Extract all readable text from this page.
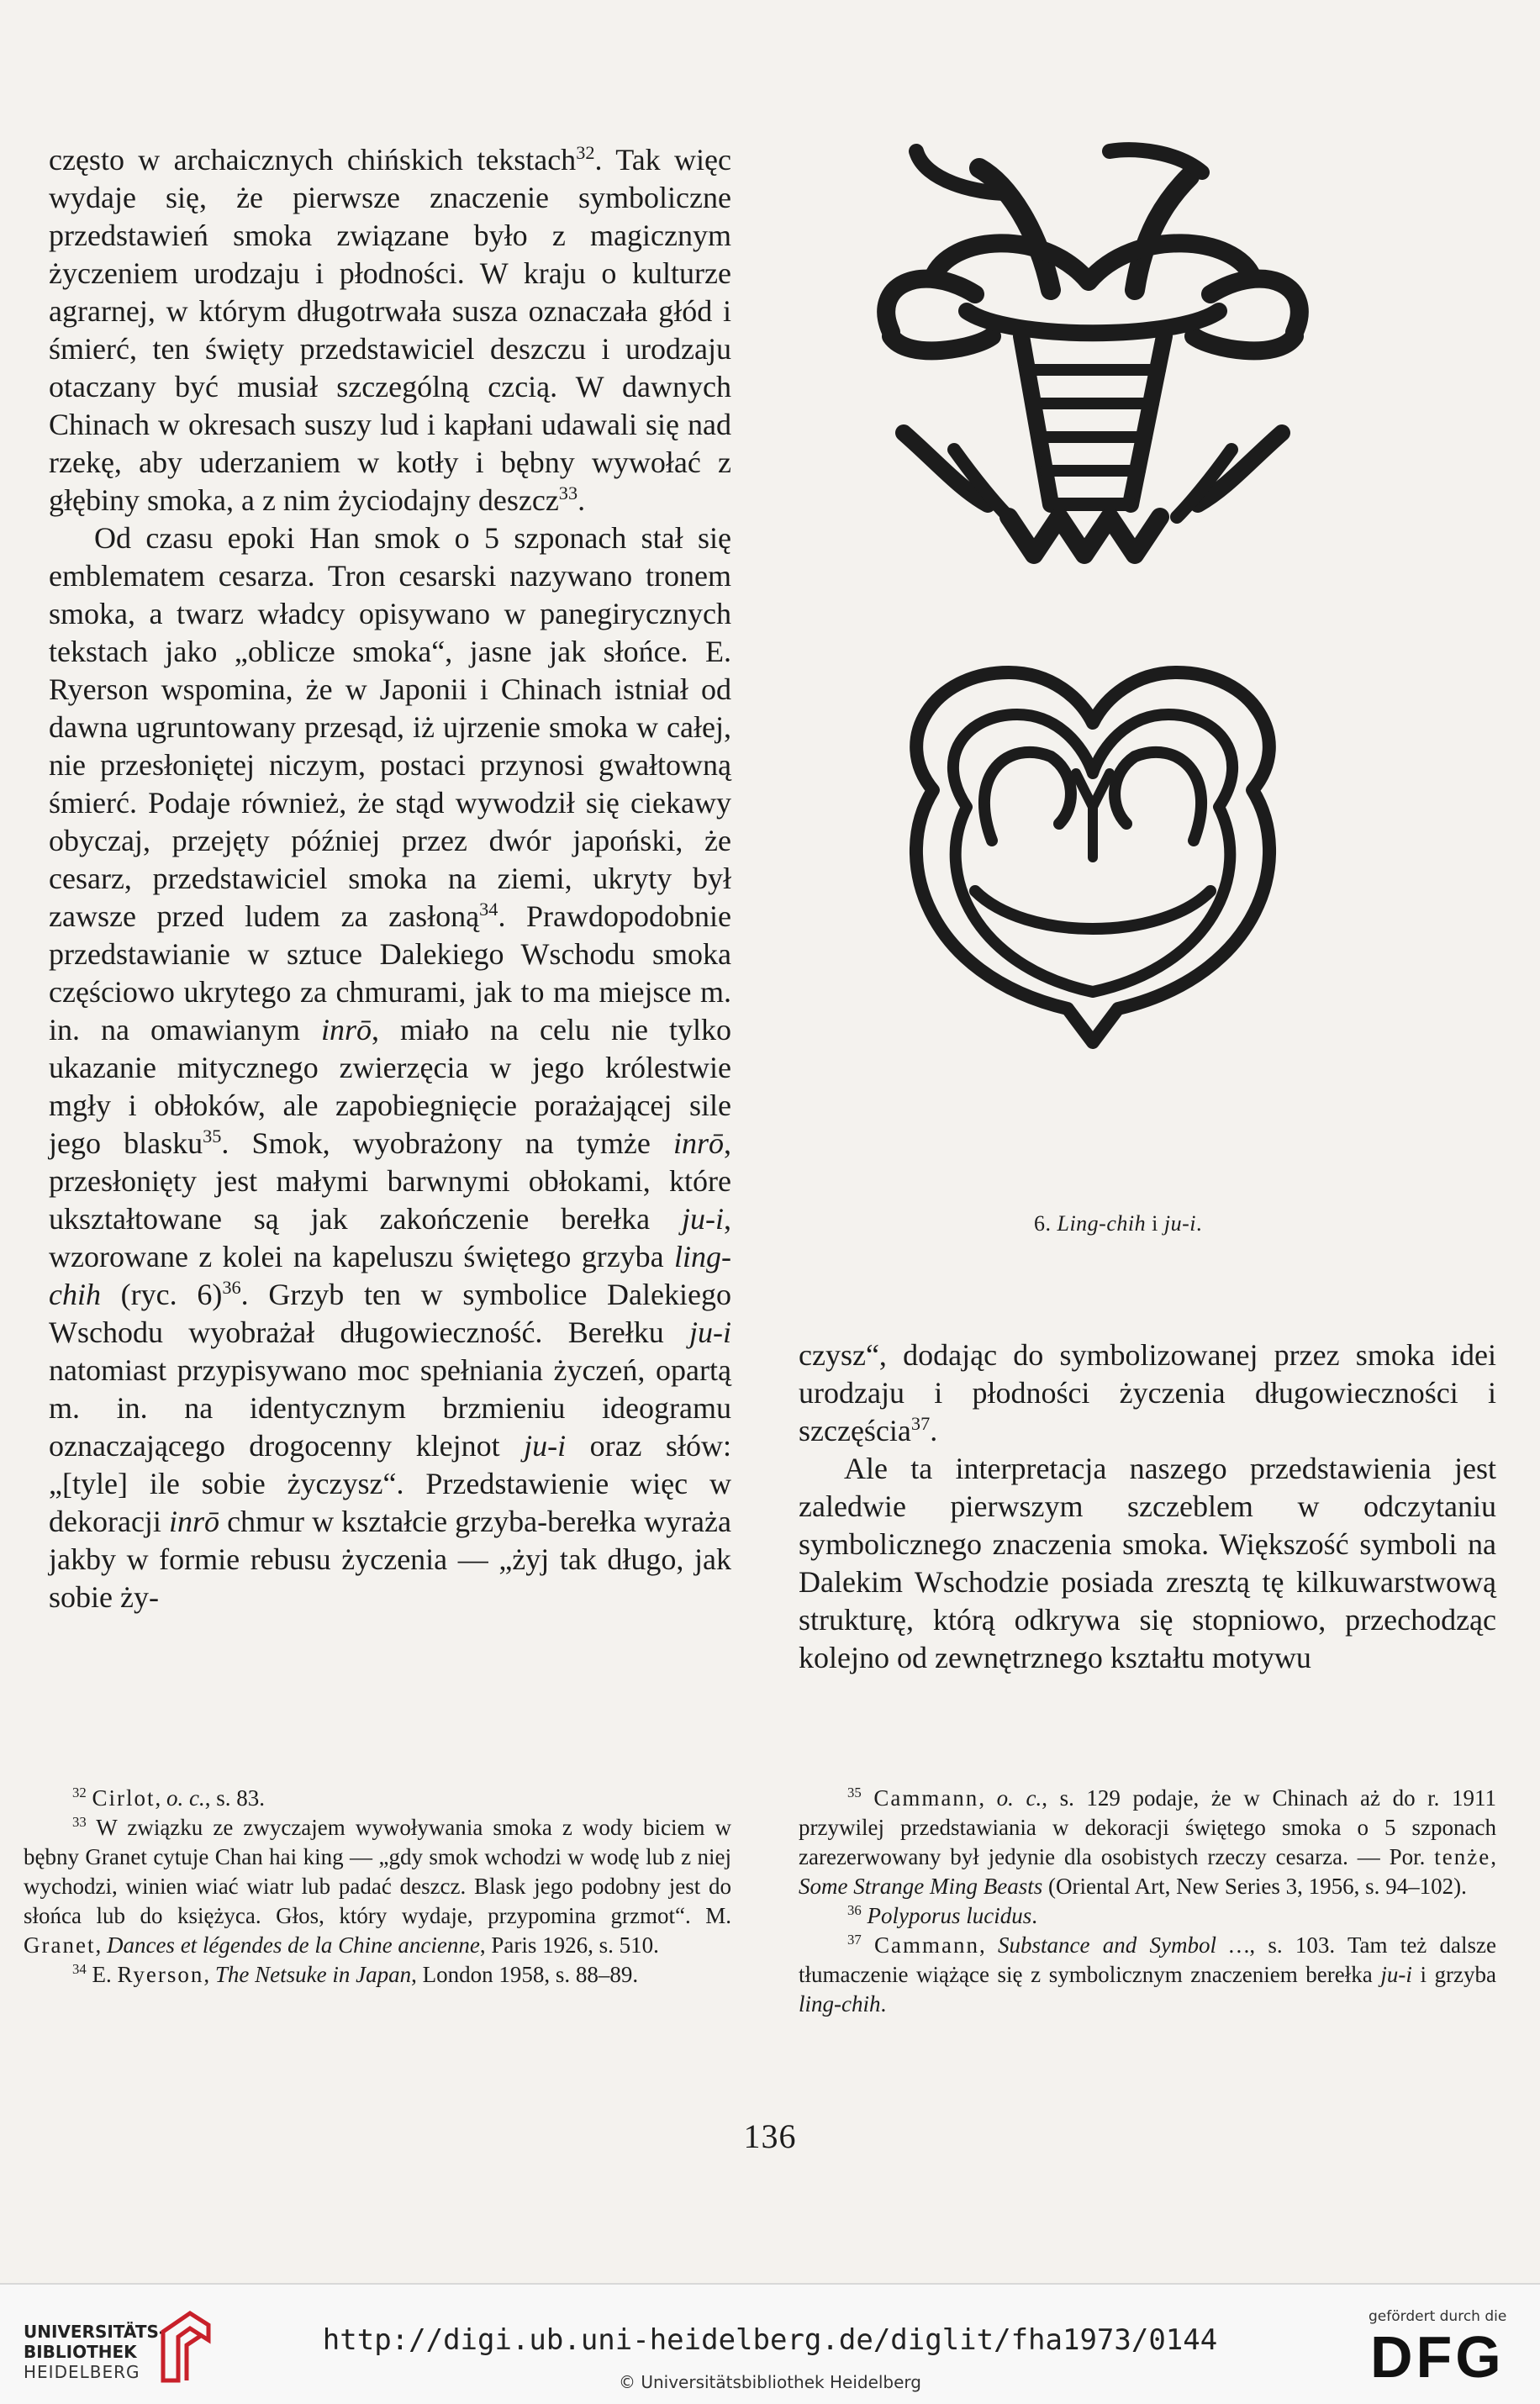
często w archaicznych chińskich tekstach$^{32}$. Tak więc wydaje się, że pierwsze znaczenie symboliczne przedstawień smoka związane było z magicznym życzeniem urodzaju i płodności. W kraju o kulturze agrarnej, w którym długotrwała susza oznaczała głód i śmierć, ten święty przedstawiciel deszczu i urodzaju otaczany być musiał szczególną czcią. W dawnych Chinach w okresach suszy lud i kapłani udawali się nad rzekę, aby uderzaniem w kotły i bębny wywołać z głębiny smoka, a z nim życiodajny deszcz$^{33}$.

Od czasu epoki Han smok o 5 szponach stał się emblematem cesarza. Tron cesarski nazywano tronem smoka, a twarz władcy opisywano w panegirycznych tekstach jako „oblicze smoka“, jasne jak słońce. E. Ryerson wspomina, że w Japonii i Chinach istniał od dawna ugruntowany przesąd, iż ujrzenie smoka w całej, nie przesłoniętej niczym, postaci przynosi gwałtowną śmierć. Podaje również, że stąd wywodził się ciekawy obyczaj, przejęty później przez dwór japoński, że cesarz, przedstawiciel smoka na ziemi, ukryty był zawsze przed ludem za zasłoną$^{34}$. Prawdopodobnie przedstawianie w sztuce Dalekiego Wschodu smoka częściowo ukrytego za chmurami, jak to ma miejsce m. in. na omawianym inrō, miało na celu nie tylko ukazanie mitycznego zwierzęcia w jego królestwie mgły i obłoków, ale zapobiegnięcie porażającej sile jego blasku$^{35}$. Smok, wyobrażony na tymże inrō, przesłonięty jest małymi barwnymi obłokami, które ukształtowane są jak zakończenie berełka ju-i, wzorowane z kolei na kapeluszu świętego grzyba ling-chih (ryc. 6)$^{36}$. Grzyb ten w symbolice Dalekiego Wschodu wyobrażał długowieczność. Berełku ju-i natomiast przypisywano moc spełniania życzeń, opartą m. in. na identycznym brzmieniu ideogramu oznaczającego drogocenny klejnot ju-i oraz słów: „[tyle] ile sobie życzysz“. Przedstawienie więc w dekoracji inrō chmur w kształcie grzyba-berełka wyraża jakby w formie rebusu życzenia — „żyj tak długo, jak sobie ży-

6. Ling-chih i ju-i.

czysz“, dodając do symbolizowanej przez smoka idei urodzaju i płodności życzenia długowieczności i szczęścia$^{37}$.

Ale ta interpretacja naszego przedstawienia jest zaledwie pierwszym szczeblem w odczytaniu symbolicznego znaczenia smoka. Większość symboli na Dalekim Wschodzie posiada zresztą tę kilkuwarstwową strukturę, którą odkrywa się stopniowo, przechodząc kolejno od zewnętrznego kształtu motywu

$^{32}$ Cirlot, o. c., s. 83.

$^{33}$ W związku ze zwyczajem wywoływania smoka z wody biciem w bębny Granet cytuje Chan hai king — „gdy smok wchodzi w wodę lub z niej wychodzi, winien wiać wiatr lub padać deszcz. Blask jego podobny jest do słońca lub do księżyca. Głos, który wydaje, przypomina grzmot“. M. Granet, Dances et légendes de la Chine ancienne, Paris 1926, s. 510.

$^{34}$ E. Ryerson, The Netsuke in Japan, London 1958, s. 88–89.

$^{35}$ Cammann, o. c., s. 129 podaje, że w Chinach aż do r. 1911 przywilej przedstawiania w dekoracji świętego smoka o 5 szponach zarezerwowany był jedynie dla osobistych rzeczy cesarza. — Por. tenże, Some Strange Ming Beasts (Oriental Art, New Series 3, 1956, s. 94–102).

$^{36}$ Polyporus lucidus.

$^{37}$ Cammann, Substance and Symbol …, s. 103. Tam też dalsze tłumaczenie wiążące się z symbolicznym znaczeniem berełka ju-i i grzyba ling-chih.

136
UNIVERSITÄTS-
BIBLIOTHEK
HEIDELBERG
http://digi.ub.uni-heidelberg.de/diglit/fha1973/0144
© Universitätsbibliothek Heidelberg
gefördert durch die
DFG
